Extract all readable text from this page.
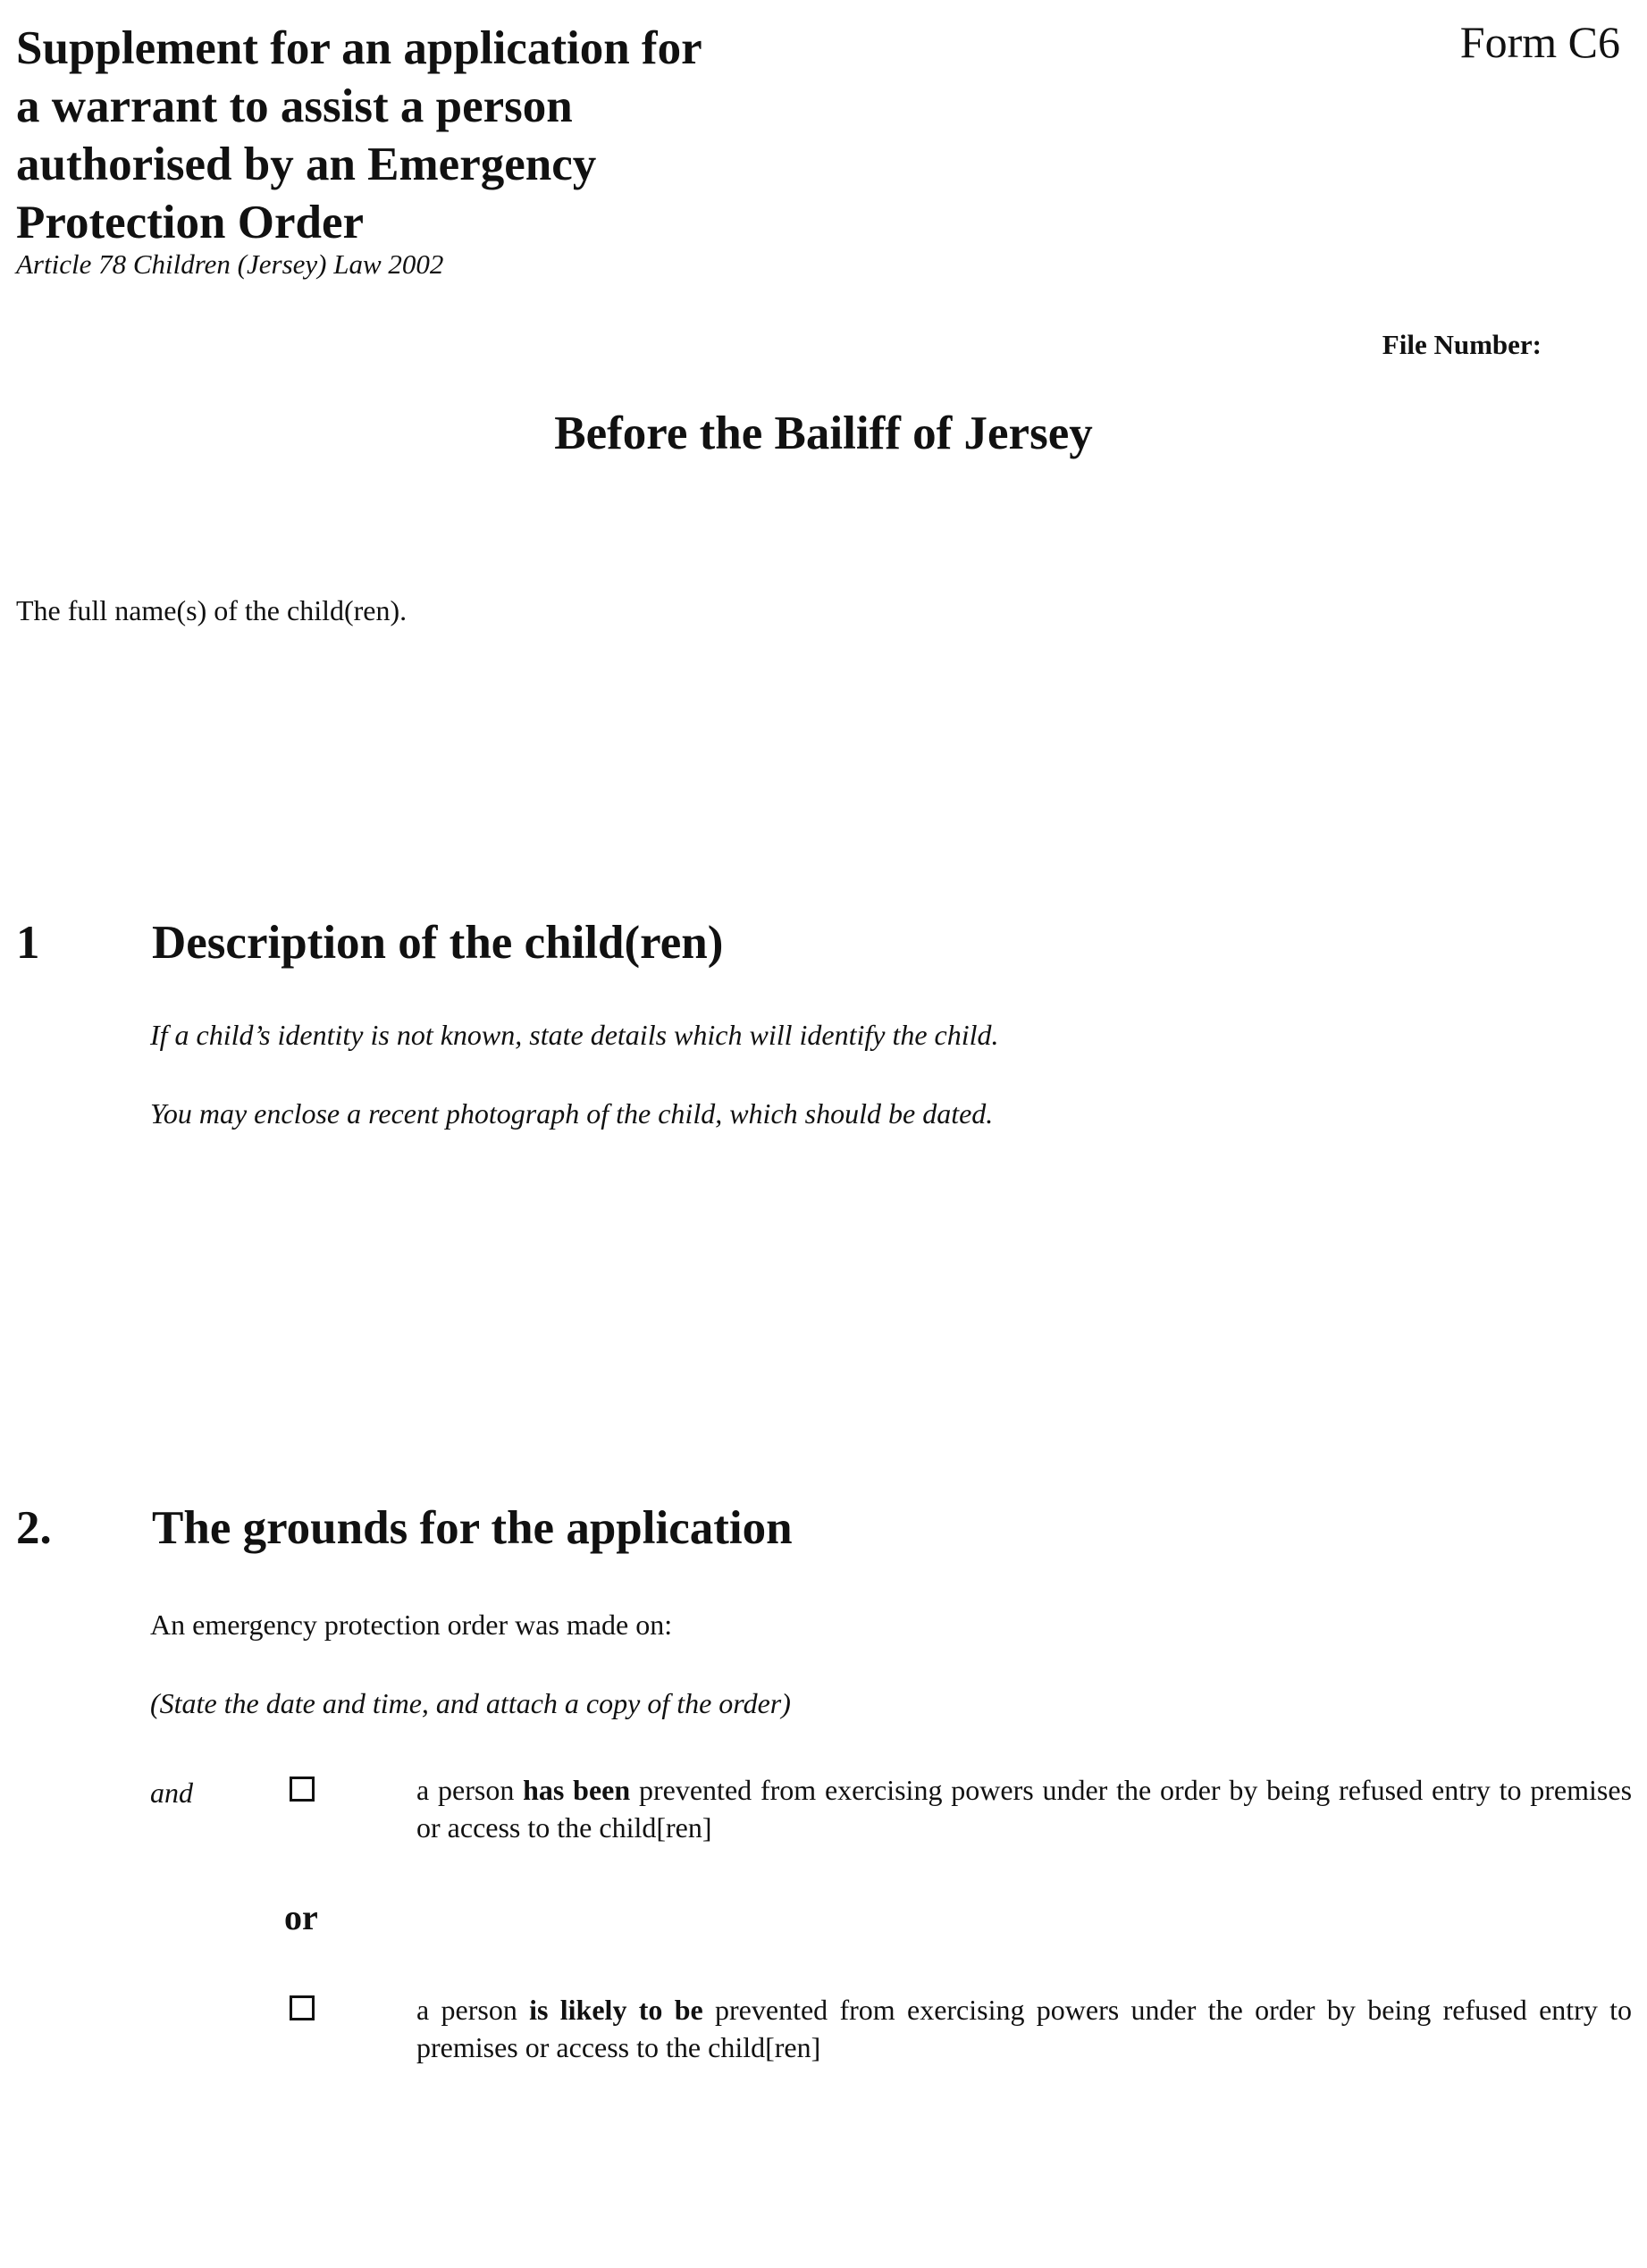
Supplement for an application for
a warrant to assist a person
authorised by an Emergency
Protection Order
Article 78 Children (Jersey) Law 2002
Form C6
File Number:
Before the Bailiff of Jersey
The full name(s) of the child(ren).
1 Description of the child(ren)
If a child’s identity is not known, state details which will identify the child.
You may enclose a recent photograph of the child, which should be dated.
2. The grounds for the application
An emergency protection order was made on:
(State the date and time, and attach a copy of the order)
and	a person has been prevented from exercising powers under the order by being refused entry to premises or access to the child[ren]
or
a person is likely to be prevented from exercising powers under the order by being refused entry to premises or access to the child[ren]
